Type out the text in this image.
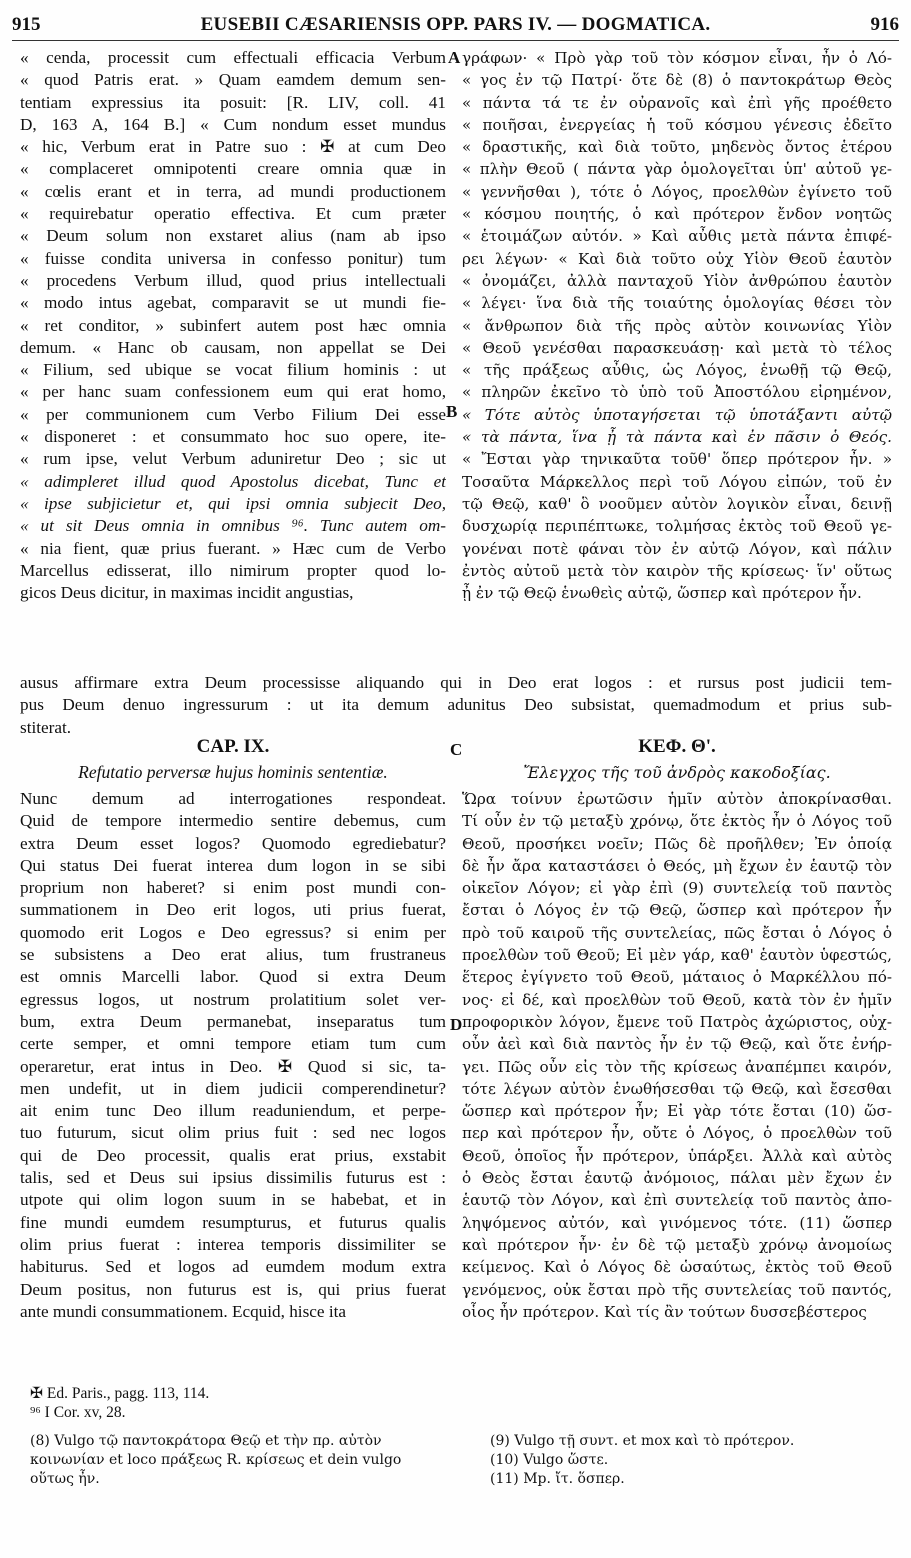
915	EUSEBII CÆSARIENSIS OPP. PARS IV. — DOGMATICA.	916
« cenda, processit cum effectuali efficacia Verbum
« quod Patris erat. » Quam eamdem demum sen-
tentiam expressius ita posuit: [R. LIV, coll. 41
D, 163 A, 164 B.] « Cum nondum esset mundus
« hic, Verbum erat in Patre suo : ✠ at cum Deo
« complaceret omnipotenti creare omnia quæ in
« cœlis erant et in terra, ad mundi productionem
« requirebatur operatio effectiva. Et cum præter
« Deum solum non exstaret alius (nam ab ipso
« fuisse condita universa in confesso ponitur) tum
« procedens Verbum illud, quod prius intellectuali
« modo intus agebat, comparavit se ut mundi fie-
« ret conditor, » subinfert autem post hæc omnia
demum. « Hanc ob causam, non appellat se Dei
« Filium, sed ubique se vocat filium hominis : ut
« per hanc suam confessionem eum qui erat homo,
« per communionem cum Verbo Filium Dei esse
« disponeret : et consummato hoc suo opere, ite-
« rum ipse, velut Verbum aduniretur Deo ; sic ut
« adimpleret illud quod Apostolus dicebat, Tunc et
« ipse subjicietur et, qui ipsi omnia subjecit Deo,
« ut sit Deus omnia in omnibus ⁹⁶. Tunc autem om-
« nia fient, quæ prius fuerant. » Hæc cum de Verbo
Marcellus edisserat, illo nimirum propter quod lo-
gicos Deus dicitur, in maximas incidit angustias,
γράφων· « Πρὸ γὰρ τοῦ τὸν κόσμον εἶναι, ἦν ὁ Λό-
« γος ἐν τῷ Πατρί· ὅτε δὲ (8) ὁ παντοκράτωρ Θεὸς
« πάντα τά τε ἐν οὐρανοῖς καὶ ἐπὶ γῆς προέθετο
« ποιῆσαι, ἐνεργείας ἡ τοῦ κόσμου γένεσις ἐδεῖτο
« δραστικῆς, καὶ διὰ τοῦτο, μηδενὸς ὄντος ἑτέρου
« πλὴν Θεοῦ ( πάντα γὰρ ὁμολογεῖται ὑπ' αὐτοῦ γε-
« γεννῆσθαι ), τότε ὁ Λόγος, προελθὼν ἐγίνετο τοῦ
« κόσμου ποιητής, ὁ καὶ πρότερον ἔνδον νοητῶς
« ἑτοιμάζων αὐτόν. » Καὶ αὖθις μετὰ πάντα ἐπιφέ-
ρει λέγων· « Καὶ διὰ τοῦτο οὐχ Υἱὸν Θεοῦ ἑαυτὸν
« ὀνομάζει, ἀλλὰ πανταχοῦ Υἱὸν ἀνθρώπου ἑαυτὸν
« λέγει· ἵνα διὰ τῆς τοιαύτης ὁμολογίας θέσει τὸν
« ἄνθρωπον διὰ τῆς πρὸς αὐτὸν κοινωνίας Υἱὸν
« Θεοῦ γενέσθαι παρασκευάσῃ· καὶ μετὰ τὸ τέλος
« τῆς πράξεως αὖθις, ὡς Λόγος, ἑνωθῇ τῷ Θεῷ,
« πληρῶν ἐκεῖνο τὸ ὑπὸ τοῦ Ἀποστόλου εἰρημένον,
« Τότε αὐτὸς ὑποταγήσεται τῷ ὑποτάξαντι αὐτῷ
« τὰ πάντα, ἵνα ᾖ τὰ πάντα καὶ ἐν πᾶσιν ὁ Θεός.
« Ἔσται γὰρ τηνικαῦτα τοῦθ' ὅπερ πρότερον ἦν. »
Τοσαῦτα Μάρκελλος περὶ τοῦ Λόγου εἰπών, τοῦ ἐν
τῷ Θεῷ, καθ' ὃ νοοῦμεν αὐτὸν λογικὸν εἶναι, δεινῇ
δυσχωρίᾳ περιπέπτωκε, τολμήσας ἐκτὸς τοῦ Θεοῦ γε-
γονέναι ποτὲ φάναι τὸν ἐν αὐτῷ Λόγον, καὶ πάλιν
ἐντὸς αὐτοῦ μετὰ τὸν καιρὸν τῆς κρίσεως· ἵν' οὕτως
ᾖ ἐν τῷ Θεῷ ἑνωθεὶς αὐτῷ, ὥσπερ καὶ πρότερον ἦν.
A
B
C
D
ausus affirmare extra Deum processisse aliquando qui in Deo erat logos : et rursus post judicii tem-
pus Deum denuo ingressurum : ut ita demum adunitus Deo subsistat, quemadmodum et prius sub-
stiterat.
CAP. IX.
Refutatio perversæ hujus hominis sententiæ.
ΚΕΦ. Θ'.
Ἔλεγχος τῆς τοῦ ἀνδρὸς κακοδοξίας.
Nunc demum ad interrogationes respondeat.
Quid de tempore intermedio sentire debemus, cum
extra Deum esset logos? Quomodo egrediebatur?
Qui status Dei fuerat interea dum logon in se sibi
proprium non haberet? si enim post mundi con-
summationem in Deo erit logos, uti prius fuerat,
quomodo erit Logos e Deo egressus? si enim per
se subsistens a Deo erat alius, tum frustraneus
est omnis Marcelli labor. Quod si extra Deum
egressus logos, ut nostrum prolatitium solet ver-
bum, extra Deum permanebat, inseparatus tum
certe semper, et omni tempore etiam tum cum
operaretur, erat intus in Deo. ✠ Quod si sic, ta-
men undefit, ut in diem judicii comperendinetur?
ait enim tunc Deo illum readuniendum, et perpe-
tuo futurum, sicut olim prius fuit : sed nec logos
qui de Deo processit, qualis erat prius, exstabit
talis, sed et Deus sui ipsius dissimilis futurus est :
utpote qui olim logon suum in se habebat, et in
fine mundi eumdem resumpturus, et futurus qualis
olim prius fuerat : interea temporis dissimiliter se
habiturus. Sed et logos ad eumdem modum extra
Deum positus, non futurus est is, qui prius fuerat
ante mundi consummationem. Ecquid, hisce ita
Ὥρα τοίνυν ἐρωτῶσιν ἡμῖν αὐτὸν ἀποκρίνασθαι.
Τί οὖν ἐν τῷ μεταξὺ χρόνῳ, ὅτε ἐκτὸς ἦν ὁ Λόγος τοῦ
Θεοῦ, προσήκει νοεῖν; Πῶς δὲ προῆλθεν; Ἐν ὁποίᾳ
δὲ ἦν ἄρα καταστάσει ὁ Θεός, μὴ ἔχων ἐν ἑαυτῷ τὸν
οἰκεῖον Λόγον; εἰ γὰρ ἐπὶ (9) συντελείᾳ τοῦ παντὸς
ἔσται ὁ Λόγος ἐν τῷ Θεῷ, ὥσπερ καὶ πρότερον ἦν
πρὸ τοῦ καιροῦ τῆς συντελείας, πῶς ἔσται ὁ Λόγος ὁ
προελθὼν τοῦ Θεοῦ; Εἰ μὲν γάρ, καθ' ἑαυτὸν ὑφεστώς,
ἕτερος ἐγίγνετο τοῦ Θεοῦ, μάταιος ὁ Μαρκέλλου πό-
νος· εἰ δέ, καὶ προελθὼν τοῦ Θεοῦ, κατὰ τὸν ἐν ἡμῖν
προφορικὸν λόγον, ἔμενε τοῦ Πατρὸς ἀχώριστος, οὐχ-
οὖν ἀεὶ καὶ διὰ παντὸς ἦν ἐν τῷ Θεῷ, καὶ ὅτε ἐνήρ-
γει. Πῶς οὖν εἰς τὸν τῆς κρίσεως ἀναπέμπει καιρόν,
τότε λέγων αὐτὸν ἑνωθήσεσθαι τῷ Θεῷ, καὶ ἔσεσθαι
ὥσπερ καὶ πρότερον ἦν; Εἰ γὰρ τότε ἔσται (10) ὥσ-
περ καὶ πρότερον ἦν, οὔτε ὁ Λόγος, ὁ προελθὼν τοῦ
Θεοῦ, ὁποῖος ἦν πρότερον, ὑπάρξει. Ἀλλὰ καὶ αὐτὸς
ὁ Θεὸς ἔσται ἑαυτῷ ἀνόμοιος, πάλαι μὲν ἔχων ἐν
ἑαυτῷ τὸν Λόγον, καὶ ἐπὶ συντελείᾳ τοῦ παντὸς ἀπο-
ληψόμενος αὐτόν, καὶ γινόμενος τότε. (11) ὥσπερ
καὶ πρότερον ἦν· ἐν δὲ τῷ μεταξὺ χρόνῳ ἀνομοίως
κείμενος. Καὶ ὁ Λόγος δὲ ὡσαύτως, ἐκτὸς τοῦ Θεοῦ
γενόμενος, οὐκ ἔσται πρὸ τῆς συντελείας τοῦ παντός,
οἷος ἦν πρότερον. Καὶ τίς ἂν τούτων δυσσεβέστερος
✠ Ed. Paris., pagg. 113, 114.
⁹⁶ I Cor. xv, 28.
(8) Vulgo τῷ παντοκράτορα Θεῷ et τὴν πρ. αὐτὸν
κοινωνίαν et loco πράξεως R. κρίσεως et dein vulgo
οὕτως ἦν.
(9) Vulgo τῇ συντ. et mox καὶ τὸ πρότερον.
(10) Vulgo ὥστε.
(11) Mp. ἴτ. ὅσπερ.
